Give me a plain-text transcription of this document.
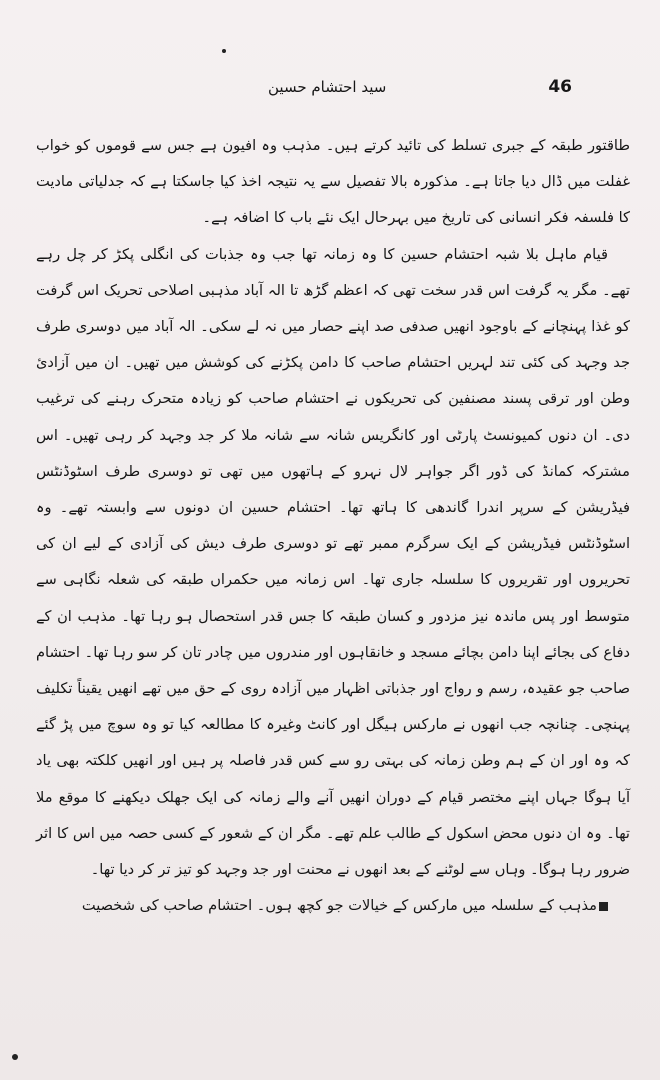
سید احتشام حسین	46

طاقتور طبقہ کے جبری تسلط کی تائید کرتے ہیں۔ مذہب وہ افیون ہے جس سے قوموں کو خواب غفلت میں ڈال دیا جاتا ہے۔ مذکورہ بالا تفصیل سے یہ نتیجہ اخذ کیا جاسکتا ہے کہ جدلیاتی مادیت کا فلسفہ فکر انسانی کی تاریخ میں بہرحال ایک نئے باب کا اضافہ ہے۔

قیام ماہل بلا شبہ احتشام حسین کا وہ زمانہ تھا جب وہ جذبات کی انگلی پکڑ کر چل رہے تھے۔ مگر یہ گرفت اس قدر سخت تھی کہ اعظم گڑھ تا الہ آباد مذہبی اصلاحی تحریک اس گرفت کو غذا پہنچانے کے باوجود انھیں صدفی صد اپنے حصار میں نہ لے سکی۔ الہ آباد میں دوسری طرف جد وجہد کی کئی تند لہریں احتشام صاحب کا دامن پکڑنے کی کوشش میں تھیں۔ ان میں آزادئ وطن اور ترقی پسند مصنفین کی تحریکوں نے احتشام صاحب کو زیادہ متحرک رہنے کی ترغیب دی۔ ان دنوں کمیونسٹ پارٹی اور کانگریس شانہ سے شانہ ملا کر جد وجہد کر رہی تھیں۔ اس مشترکہ کمانڈ کی ڈور اگر جواہر لال نہرو کے ہاتھوں میں تھی تو دوسری طرف اسٹوڈنٹس فیڈریشن کے سرپر اندرا گاندھی کا ہاتھ تھا۔ احتشام حسین ان دونوں سے وابستہ تھے۔ وہ اسٹوڈنٹس فیڈریشن کے ایک سرگرم ممبر تھے تو دوسری طرف دیش کی آزادی کے لیے ان کی تحریروں اور تقریروں کا سلسلہ جاری تھا۔ اس زمانہ میں حکمراں طبقہ کی شعلہ نگاہی سے متوسط اور پس ماندہ نیز مزدور و کسان طبقہ کا جس قدر استحصال ہو رہا تھا۔ مذہب ان کے دفاع کی بجائے اپنا دامن بچائے مسجد و خانقاہوں اور مندروں میں چادر تان کر سو رہا تھا۔ احتشام صاحب جو عقیدہ، رسم و رواج اور جذباتی اظہار میں آزادہ روی کے حق میں تھے انھیں یقیناً تکلیف پہنچی۔ چنانچہ جب انھوں نے مارکس ہیگل اور کانٹ وغیرہ کا مطالعہ کیا تو وہ سوچ میں پڑ گئے کہ وہ اور ان کے ہم وطن زمانہ کی بہتی رو سے کس قدر فاصلہ پر ہیں اور انھیں کلکتہ بھی یاد آیا ہوگا جہاں اپنے مختصر قیام کے دوران انھیں آنے والے زمانہ کی ایک جھلک دیکھنے کا موقع ملا تھا۔ وہ ان دنوں محض اسکول کے طالب علم تھے۔ مگر ان کے شعور کے کسی حصہ میں اس کا اثر ضرور رہا ہوگا۔ وہاں سے لوٹنے کے بعد انھوں نے محنت اور جد وجہد کو تیز تر کر دیا تھا۔

مذہب کے سلسلہ میں مارکس کے خیالات جو کچھ ہوں۔ احتشام صاحب کی شخصیت
